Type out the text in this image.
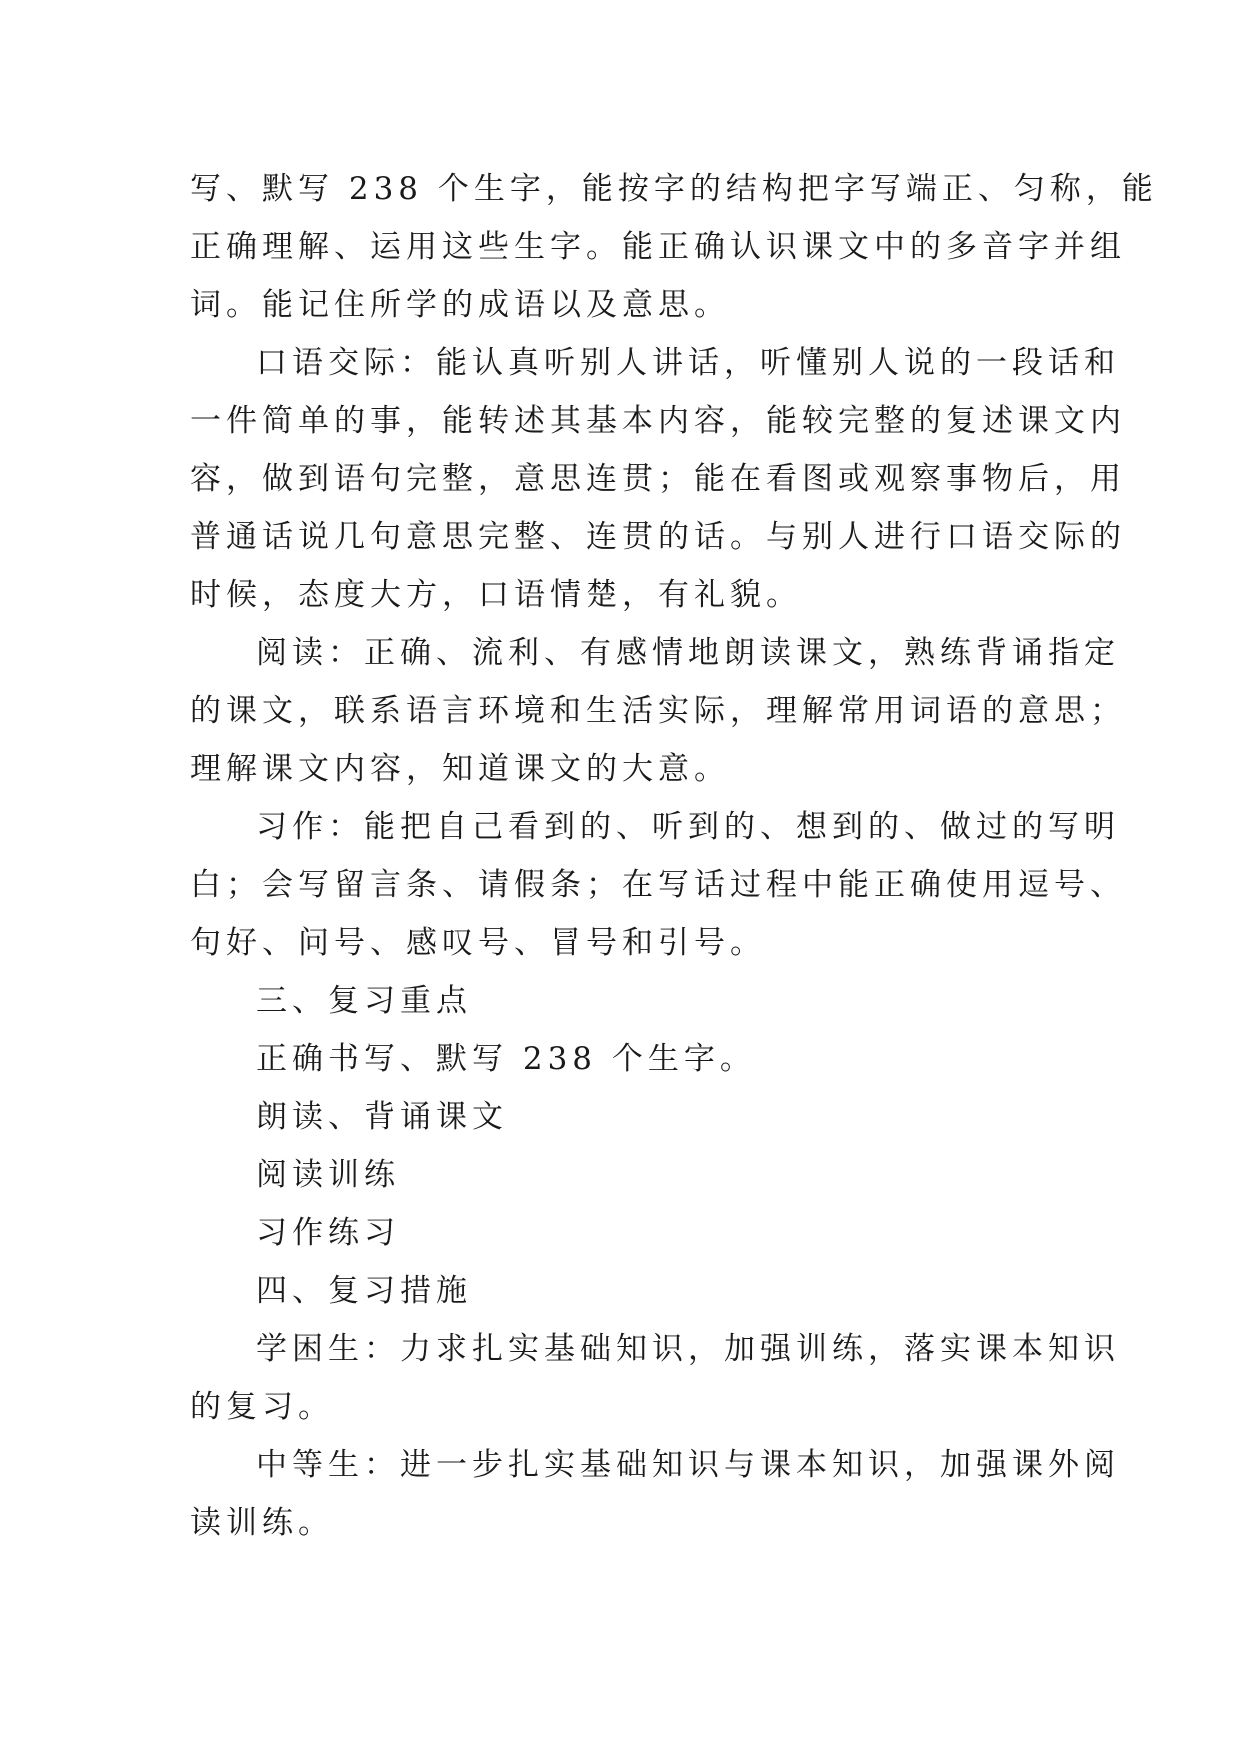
写、默写 238 个生字，能按字的结构把字写端正、匀称，能
正确理解、运用这些生字。能正确认识课文中的多音字并组
词。能记住所学的成语以及意思。
口语交际：能认真听别人讲话，听懂别人说的一段话和
一件简单的事，能转述其基本内容，能较完整的复述课文内
容，做到语句完整，意思连贯；能在看图或观察事物后，用
普通话说几句意思完整、连贯的话。与别人进行口语交际的
时候，态度大方，口语情楚，有礼貌。
阅读：正确、流利、有感情地朗读课文，熟练背诵指定
的课文，联系语言环境和生活实际，理解常用词语的意思；
理解课文内容，知道课文的大意。
习作：能把自己看到的、听到的、想到的、做过的写明
白；会写留言条、请假条；在写话过程中能正确使用逗号、
句好、问号、感叹号、冒号和引号。
三、复习重点
正确书写、默写 238 个生字。
朗读、背诵课文
阅读训练
习作练习
四、复习措施
学困生：力求扎实基础知识，加强训练，落实课本知识
的复习。
中等生：进一步扎实基础知识与课本知识，加强课外阅
读训练。
